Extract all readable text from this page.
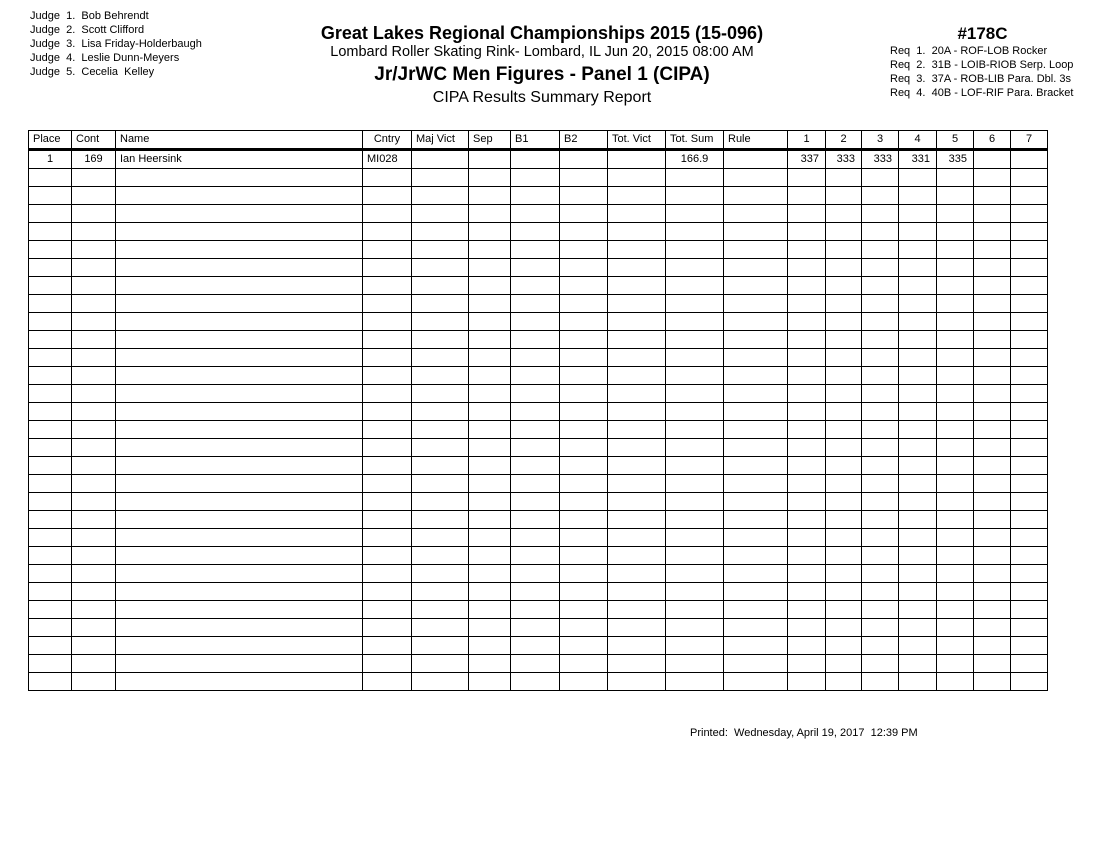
Judge  1.  Bob Behrendt
Judge  2.  Scott Clifford
Judge  3.  Lisa Friday-Holderbaugh
Judge  4.  Leslie Dunn-Meyers
Judge  5.  Cecelia  Kelley
Great Lakes Regional Championships 2015 (15-096)
Lombard Roller Skating Rink- Lombard, IL Jun 20, 2015 08:00 AM
Jr/JrWC Men Figures - Panel 1 (CIPA)
CIPA Results Summary Report
#178C
Req  1.  20A - ROF-LOB Rocker
Req  2.  31B - LOIB-RIOB Serp. Loop
Req  3.  37A - ROB-LIB Para. Dbl. 3s
Req  4.  40B - LOF-RIF Para. Bracket
Place	Cont	Name	Cntry	Maj Vict	Sep	B1	B2	Tot. Vict	Tot. Sum	Rule	1	2	3	4	5	6	7
1	169	Ian Heersink	MI028						166.9		337	333	333	331	335		

Printed:  Wednesday, April 19, 2017  12:39 PM
